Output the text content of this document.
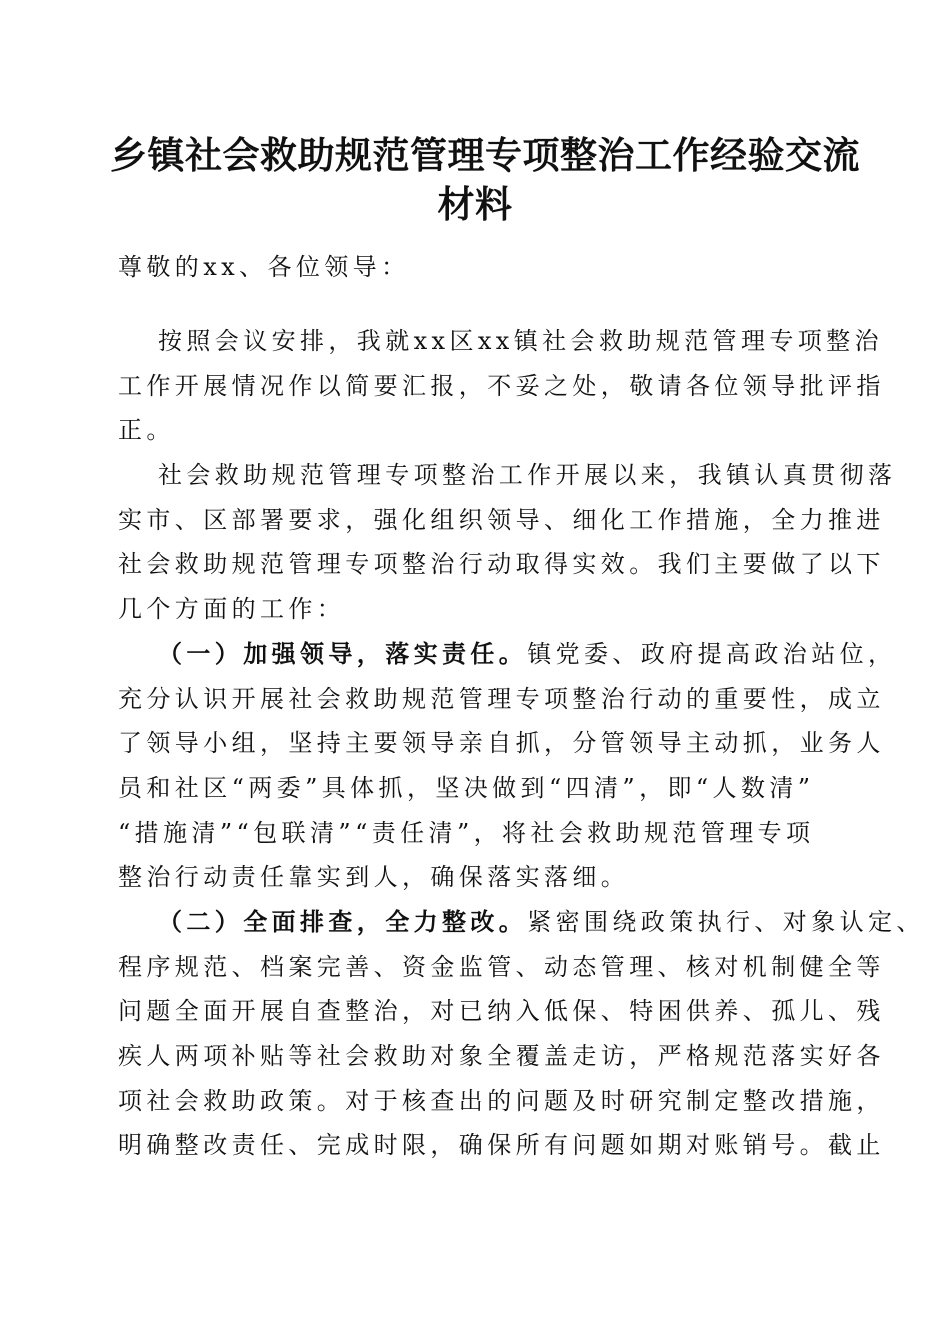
乡镇社会救助规范管理专项整治工作经验交流
材料

尊敬的xx、各位领导：

按照会议安排，我就xx区xx镇社会救助规范管理专项整治

工作开展情况作以简要汇报，不妥之处，敬请各位领导批评指

正。

社会救助规范管理专项整治工作开展以来，我镇认真贯彻落

实市、区部署要求，强化组织领导、细化工作措施，全力推进

社会救助规范管理专项整治行动取得实效。我们主要做了以下

几个方面的工作：

（一）加强领导，落实责任。镇党委、政府提高政治站位，

充分认识开展社会救助规范管理专项整治行动的重要性，成立

了领导小组，坚持主要领导亲自抓，分管领导主动抓，业务人

员和社区“两委”具体抓，坚决做到“四清”，即“人数清”

“措施清”“包联清”“责任清”，将社会救助规范管理专项

整治行动责任靠实到人，确保落实落细。

（二）全面排查，全力整改。紧密围绕政策执行、对象认定、

程序规范、档案完善、资金监管、动态管理、核对机制健全等

问题全面开展自查整治，对已纳入低保、特困供养、孤儿、残

疾人两项补贴等社会救助对象全覆盖走访，严格规范落实好各

项社会救助政策。对于核查出的问题及时研究制定整改措施，

明确整改责任、完成时限，确保所有问题如期对账销号。截止
